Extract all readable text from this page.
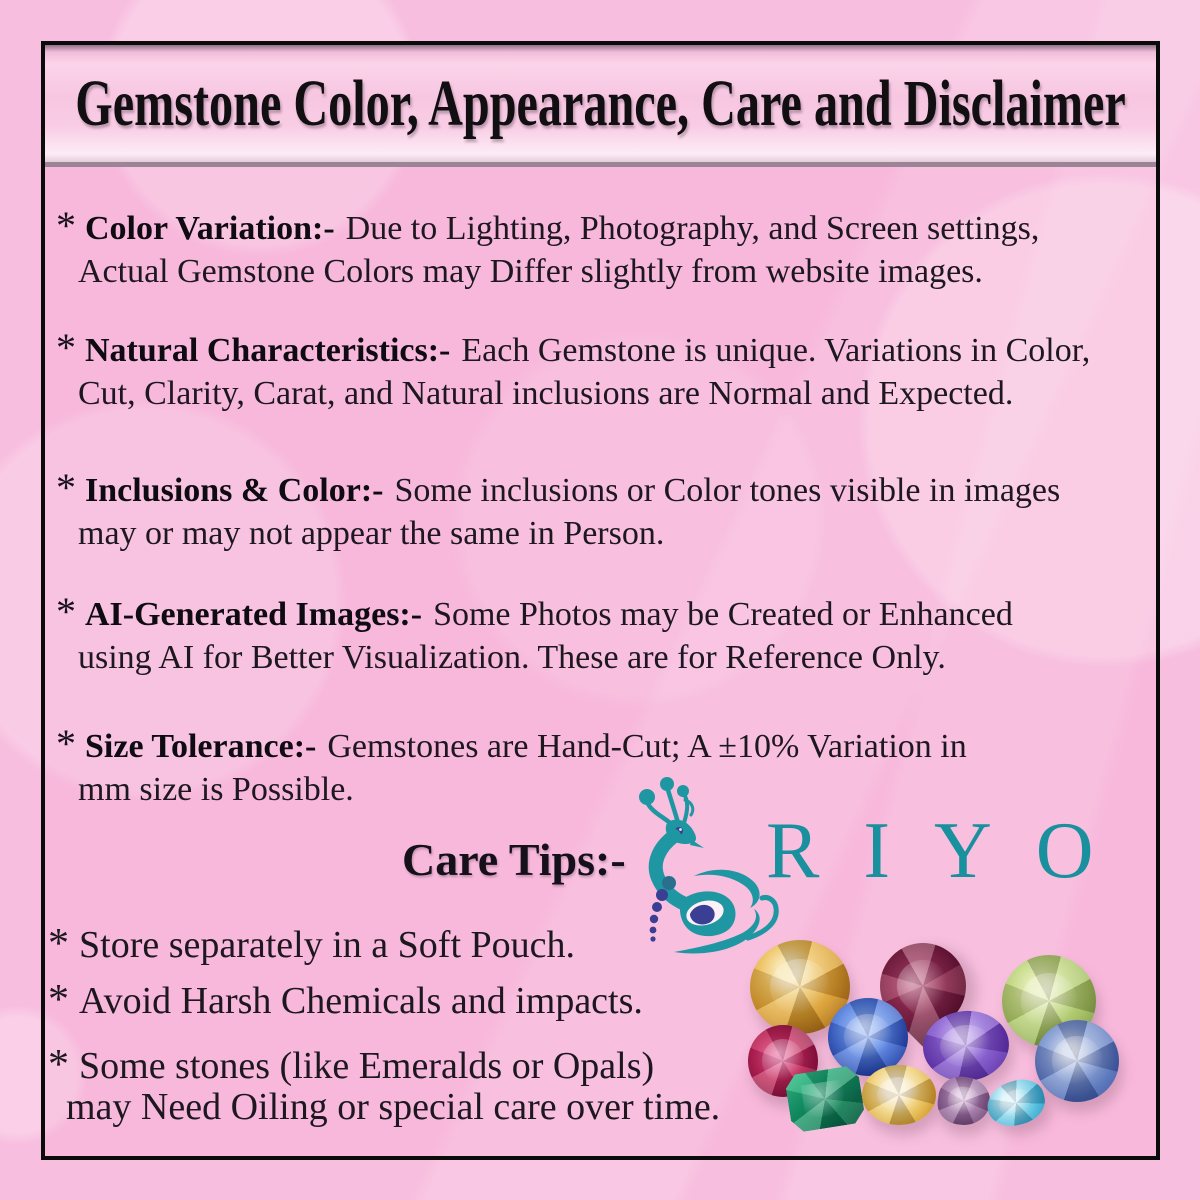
Gemstone Color, Appearance, Care and Disclaimer

* Color Variation:- Due to Lighting, Photography, and Screen settings,
Actual Gemstone Colors may Differ slightly from website images.

* Natural Characteristics:- Each Gemstone is unique. Variations in Color,
Cut, Clarity, Carat, and Natural inclusions are Normal and Expected.

* Inclusions & Color:- Some inclusions or Color tones visible in images
may or may not appear the same in Person.

* AI-Generated Images:- Some Photos may be Created or Enhanced
using AI for Better Visualization. These are for Reference Only.

* Size Tolerance:- Gemstones are Hand-Cut; A ±10% Variation in
mm size is Possible.

Care Tips:-

* Store separately in a Soft Pouch.

* Avoid Harsh Chemicals and impacts.

* Some stones (like Emeralds or Opals)
may Need Oiling or special care over time.

R I Y O
